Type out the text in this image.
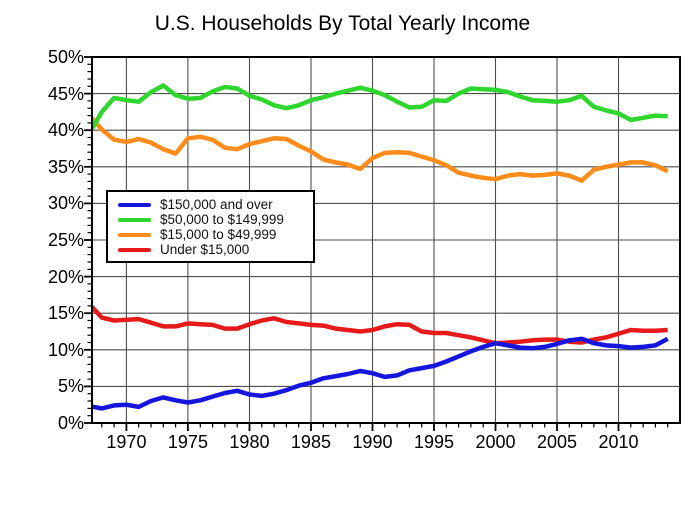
U.S. Households By Total Yearly Income
0%
5%
10%
15%
20%
25%
30%
35%
40%
45%
50%
1970	1975	1980	1985	1990	1995	2000	2005	2010
$150,000 and over
$50,000 to $149,999
$15,000 to $49,999
Under $15,000
